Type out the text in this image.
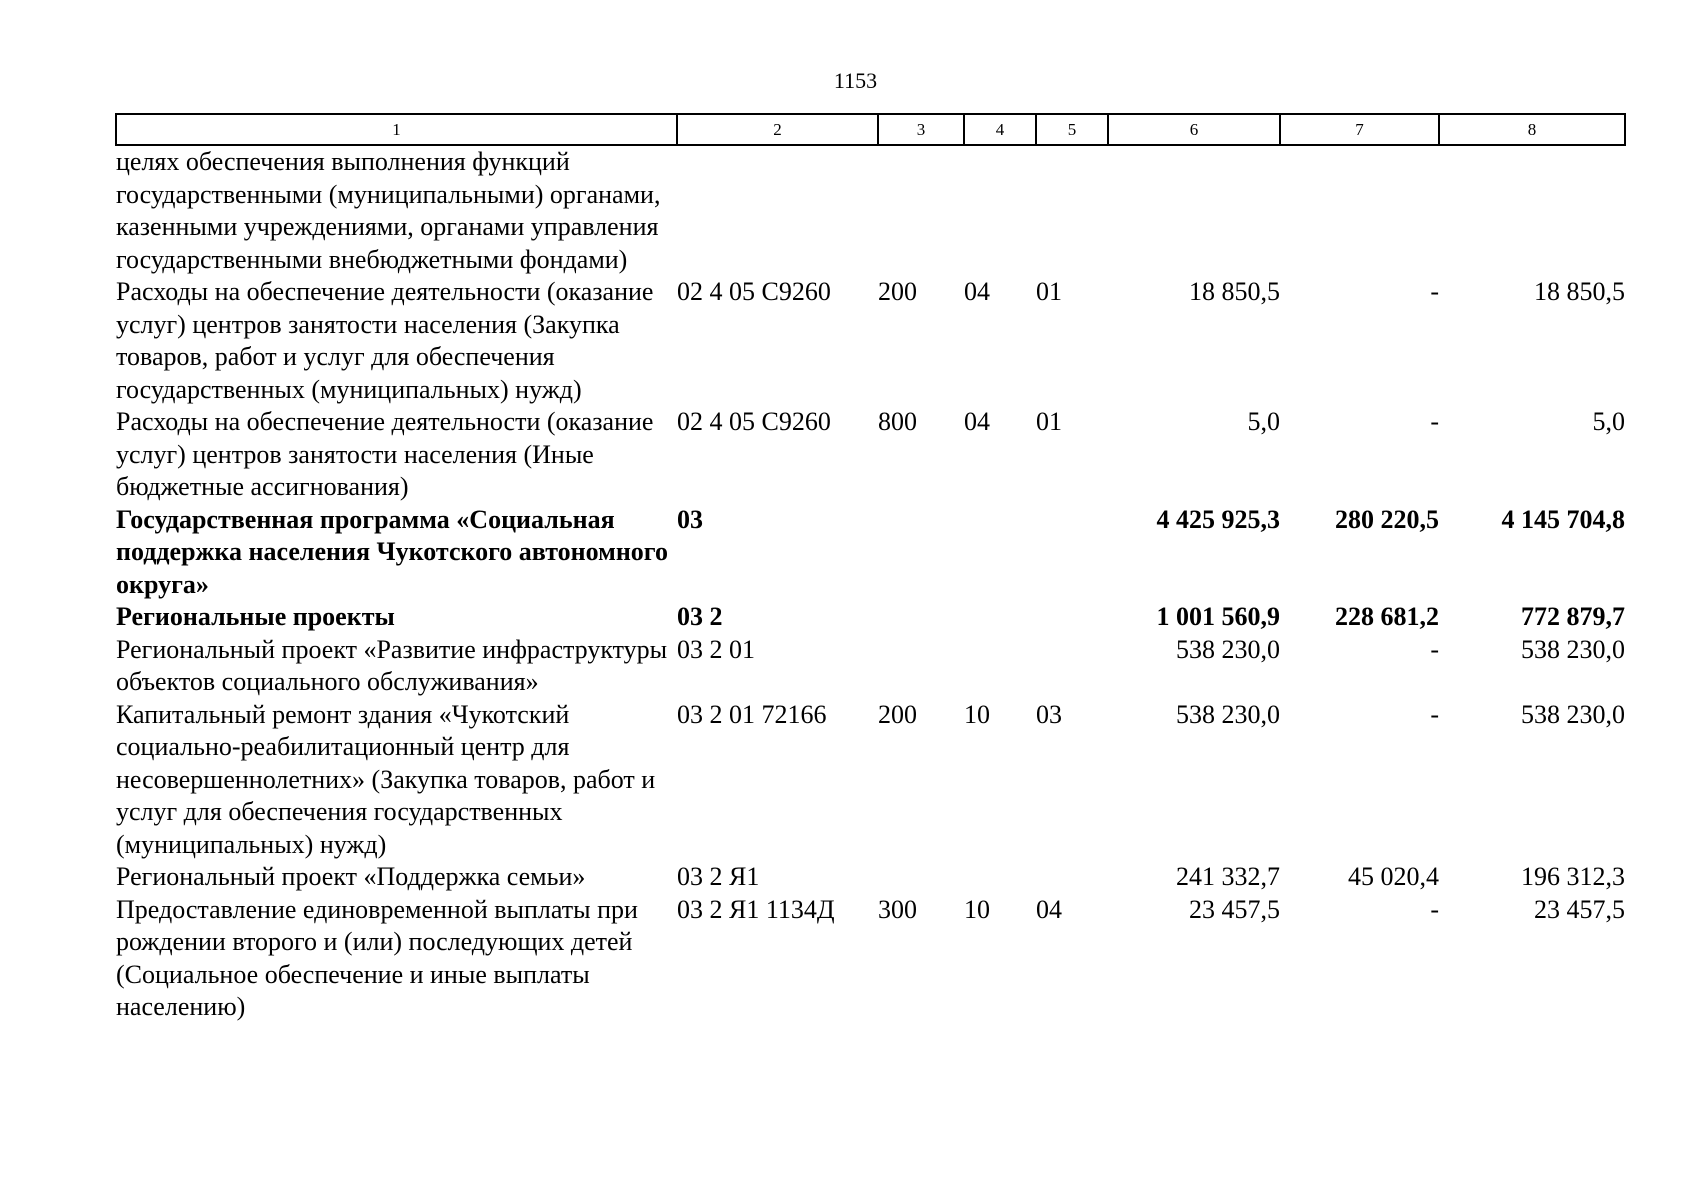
1153
1	2	3	4	5	6	7	8
целях обеспечения выполнения функций государственными (муниципальными) органами, казенными учреждениями, органами управления государственными внебюджетными фондами)							
Расходы на обеспечение деятельности (оказание услуг) центров занятости населения (Закупка товаров, работ и услуг для обеспечения государственных (муниципальных) нужд)	02 4 05 С9260	200	04	01	18 850,5	-	18 850,5
Расходы на обеспечение деятельности (оказание услуг) центров занятости населения (Иные бюджетные ассигнования)	02 4 05 С9260	800	04	01	5,0	-	5,0
Государственная программа «Социальная поддержка населения Чукотского автономного округа»	03				4 425 925,3	280 220,5	4 145 704,8
Региональные проекты	03 2				1 001 560,9	228 681,2	772 879,7
Региональный проект «Развитие инфраструктуры объектов социального обслуживания»	03 2 01				538 230,0	-	538 230,0
Капитальный ремонт здания «Чукотский социально-реабилитационный центр для несовершеннолетних» (Закупка товаров, работ и услуг для обеспечения государственных (муниципальных) нужд)	03 2 01 72166	200	10	03	538 230,0	-	538 230,0
Региональный проект «Поддержка семьи»	03 2 Я1				241 332,7	45 020,4	196 312,3
Предоставление единовременной выплаты при рождении второго и (или) последующих детей (Социальное обеспечение и иные выплаты населению)	03 2 Я1 1134Д	300	10	04	23 457,5	-	23 457,5
